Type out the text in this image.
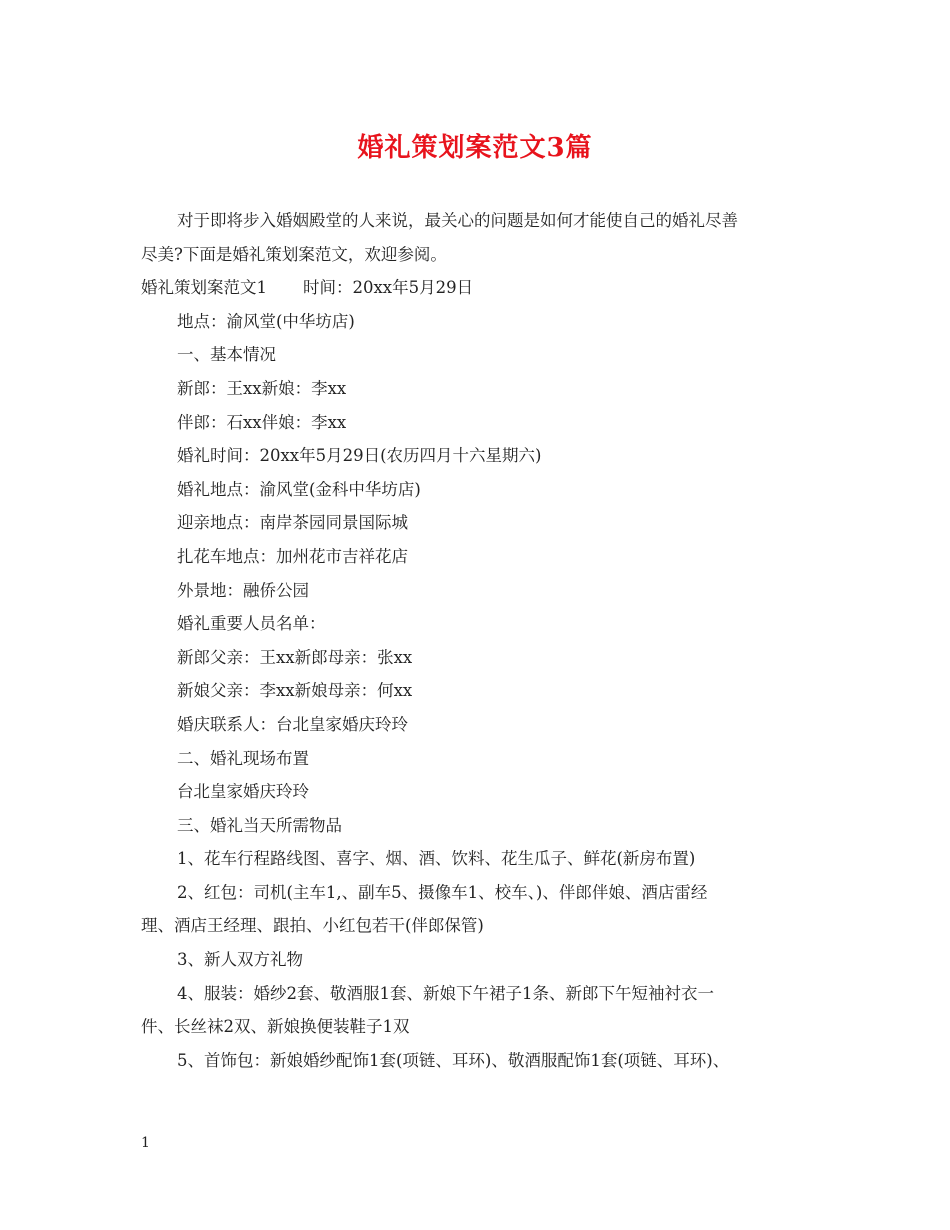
婚礼策划案范文3篇
对于即将步入婚姻殿堂的人来说，最关心的问题是如何才能使自己的婚礼尽善
尽美?下面是婚礼策划案范文，欢迎参阅。
婚礼策划案范文1 时间：20xx年5月29日
地点：渝风堂(中华坊店)
一、基本情况
新郎：王xx新娘：李xx
伴郎：石xx伴娘：李xx
婚礼时间：20xx年5月29日(农历四月十六星期六)
婚礼地点：渝风堂(金科中华坊店)
迎亲地点：南岸茶园同景国际城
扎花车地点：加州花市吉祥花店
外景地：融侨公园
婚礼重要人员名单：
新郎父亲：王xx新郎母亲：张xx
新娘父亲：李xx新娘母亲：何xx
婚庆联系人：台北皇家婚庆玲玲
二、婚礼现场布置
台北皇家婚庆玲玲
三、婚礼当天所需物品
1、花车行程路线图、喜字、烟、酒、饮料、花生瓜子、鲜花(新房布置)
2、红包：司机(主车1,、副车5、摄像车1、校车、)、伴郎伴娘、酒店雷经
理、酒店王经理、跟拍、小红包若干(伴郎保管)
3、新人双方礼物
4、服装：婚纱2套、敬酒服1套、新娘下午裙子1条、新郎下午短袖衬衣一
件、长丝袜2双、新娘换便装鞋子1双
5、首饰包：新娘婚纱配饰1套(项链、耳环)、敬酒服配饰1套(项链、耳环)、
1
